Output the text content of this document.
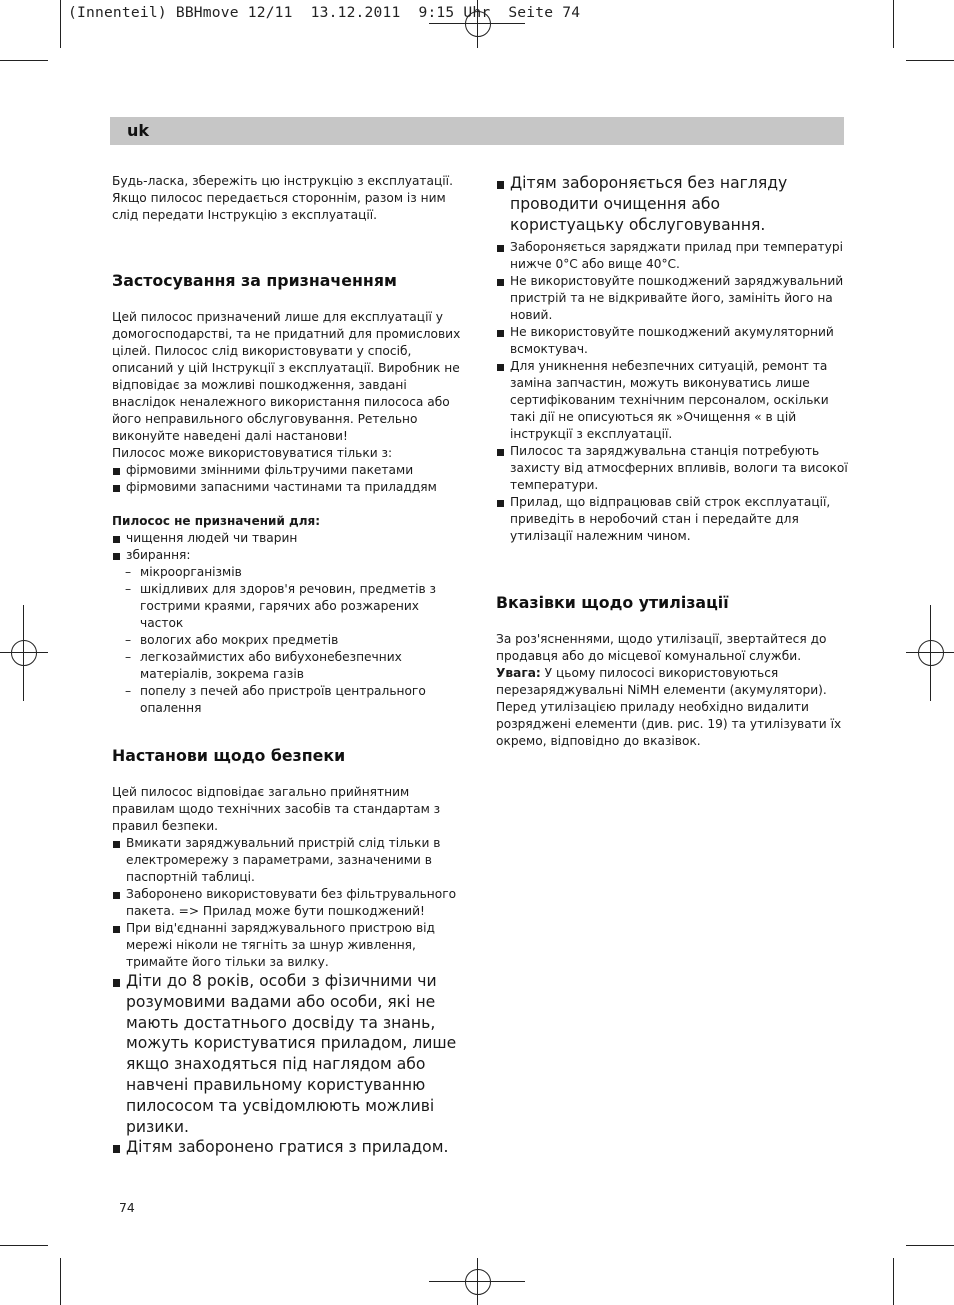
(Innenteil) BBHmove 12/11  13.12.2011  9:15 Uhr  Seite 74
uk

Будь-ласка, збережіть цю інструкцію з експлуатації.

Якщо пилосос передається стороннім, разом із ним

слід передати Інструкцію з експлуатації.

Застосування за призначенням

Цей пилосос призначений лише для експлуатації у

домогосподарстві, та не придатний для промислових

цілей. Пилосос слід використовувати у спосіб,

описаний у цій Інструкції з експлуатації. Виробник не

відповідає за можливі пошкодження, завдані

внаслідок неналежного використання пилососа або

його неправильного обслуговування. Ретельно

виконуйте наведені далі настанови!

Пилосос може використовуватися тільки з:

фірмовими змінними фільтручими пакетами
фірмовими запасними частинами та приладдям
Пилосос не призначений для:
чищення людей чи тварин
збирання:
– мікроорганізмів
– шкідливих для здоров'я речовин, предметів з
гострими краями, гарячих або розжарених
часток
– вологих або мокрих предметів
– легкозаймистих або вибухонебезпечних
матеріалів, зокрема газів
– попелу з печей або пристроїв центрального
опалення
Настанови щодо безпеки

Цей пилосос відповідає загально прийнятним

правилам щодо технічних засобів та стандартам з

правил безпеки.

Вмикати заряджувальний пристрій слід тільки в
електромережу з параметрами, зазначеними в
паспортній таблиці.
Заборонено використовувати без фільтрувального
пакета. => Прилад може бути пошкоджений!
При від'єднанні заряджувального пристрою від
мережі ніколи не тягніть за шнур живлення,
тримайте його тільки за вилку.
Діти до 8 років, особи з фізичними чи
розумовими вадами або особи, які не
мають достатнього досвіду та знань,
можуть користуватися приладом, лише
якщо знаходяться під наглядом або
навчені правильному користуванню
пилососом та усвідомлюють можливі
ризики.
Дітям заборонено гратися з приладом.
Дітям забороняється без нагляду
проводити очищення або
користуацьку обслуговування.
Забороняється заряджати прилад при температурі
нижче 0°C або вище 40°C.
Не використовуйте пошкоджений заряджувальний
пристрій та не відкривайте його, замініть його на
новий.
Не використовуйте пошкоджений акумуляторний
всмоктувач.
Для уникнення небезпечних ситуацій, ремонт та
заміна запчастин, можуть виконуватись лише
сертифікованим технічним персоналом, оскільки
такі дії не описуються як »Очищення « в цій
інструкції з експлуатації.
Пилосос та заряджувальна станція потребують
захисту від атмосферних впливів, вологи та високої
температури.
Прилад, що відпрацював свій строк експлуатації,
приведіть в неробочий стан і передайте для
утилізації належним чином.
Вказівки щодо утилізації

За роз'ясненнями, щодо утилізації, звертайтеся до

продавця або до місцевої комунальної служби.

Увага: У цьому пилососі використовуються

перезаряджувальні NiMH елементи (акумулятори).

Перед утилізацією приладу необхідно видалити

розряджені елементи (див. рис. 19) та утилізувати їх

окремо, відповідно до вказівок.

74
